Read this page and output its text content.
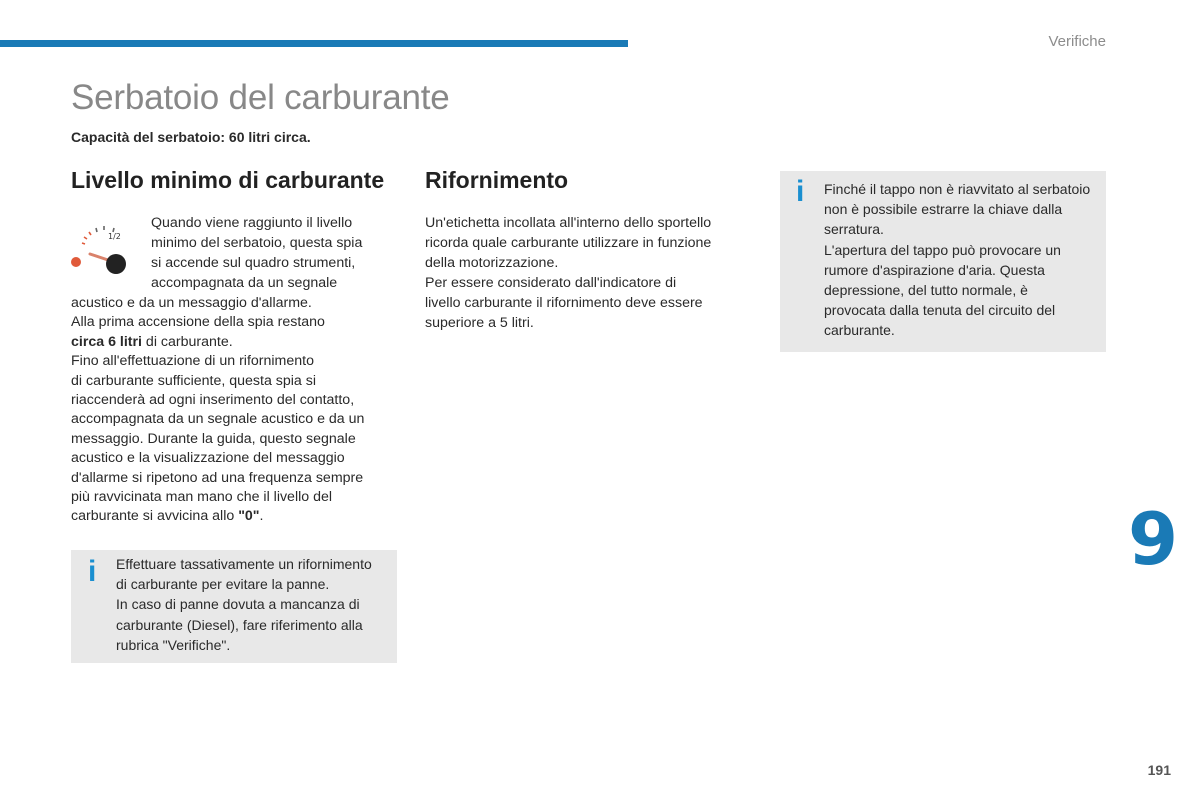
Verifiche
Serbatoio del carburante
Capacità del serbatoio: 60 litri circa.
Livello minimo di carburante
1/2
Quando viene raggiunto il livello
minimo del serbatoio, questa spia
si accende sul quadro strumenti,
accompagnata da un segnale
acustico e da un messaggio d'allarme.
Alla prima accensione della spia restano
circa 6 litri di carburante.
Fino all'effettuazione di un rifornimento
di carburante sufficiente, questa spia si
riaccenderà ad ogni inserimento del contatto,
accompagnata da un segnale acustico e da un
messaggio. Durante la guida, questo segnale
acustico e la visualizzazione del messaggio
d'allarme si ripetono ad una frequenza sempre
più ravvicinata man mano che il livello del
carburante si avvicina allo "0".
i Effettuare tassativamente un rifornimento
di carburante per evitare la panne.
In caso di panne dovuta a mancanza di
carburante (Diesel), fare riferimento alla
rubrica "Verifiche".
Rifornimento
Un'etichetta incollata all'interno dello sportello
ricorda quale carburante utilizzare in funzione
della motorizzazione.
Per essere considerato dall'indicatore di
livello carburante il rifornimento deve essere
superiore a 5 litri.
i Finché il tappo non è riavvitato al serbatoio
non è possibile estrarre la chiave dalla
serratura.
L'apertura del tappo può provocare un
rumore d'aspirazione d'aria. Questa
depressione, del tutto normale, è
provocata dalla tenuta del circuito del
carburante.
9
191
